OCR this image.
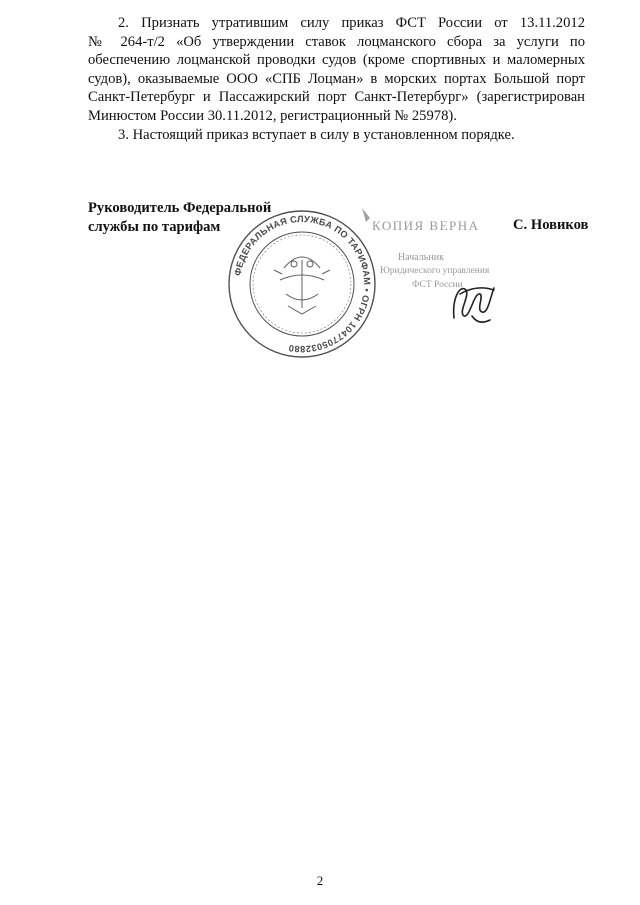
2. Признать утратившим силу приказ ФСТ России от 13.11.2012
№ 264-т/2 «Об утверждении ставок лоцманского сбора за услуги по
обеспечению лоцманской проводки судов (кроме спортивных и маломерных
судов), оказываемые ООО «СПБ Лоцман» в морских портах Большой порт
Санкт-Петербург и Пассажирский порт Санкт-Петербург» (зарегистрирован
Минюстом России 30.11.2012, регистрационный № 25978).
3. Настоящий приказ вступает в силу в установленном порядке.
Руководитель Федеральной
службы по тарифам
ФЕДЕРАЛЬНАЯ СЛУЖБА ПО ТАРИФАМ • ОГРН 1047705032880
КОПИЯ ВЕРНА
Начальник
Юридического управления
ФСТ России
С. Новиков
2
